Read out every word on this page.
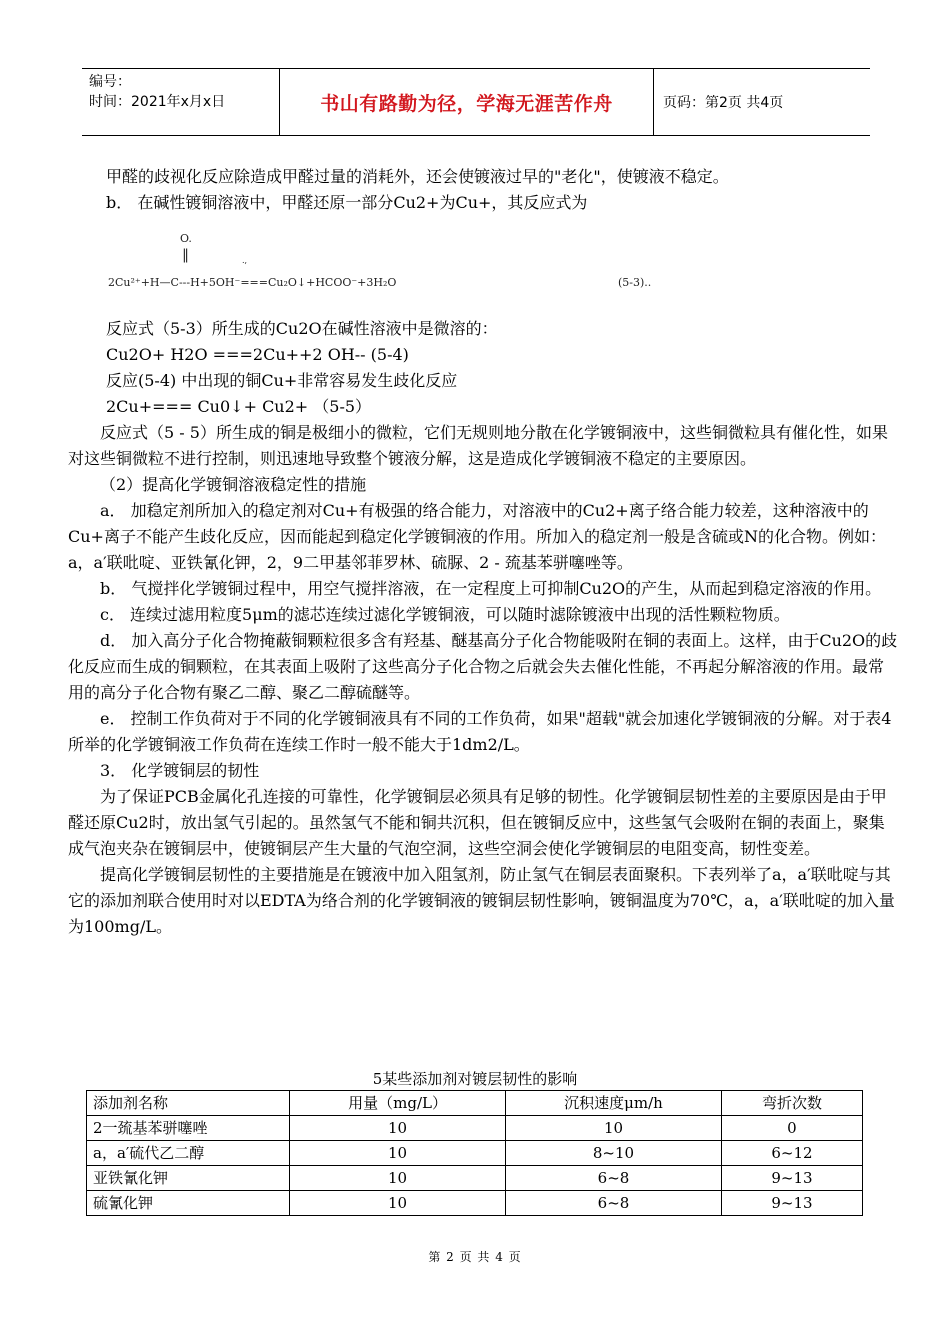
编号：
时间：2021年x月x日	书山有路勤为径，学海无涯苦作舟	页码：第2页 共4页

甲醛的歧视化反应除造成甲醛过量的消耗外，还会使镀液过早的"老化"，使镀液不稳定。

b． 在碱性镀铜溶液中，甲醛还原一部分Cu2+为Cu+，其反应式为

O.
‖	.,
2Cu²⁺+H—C---H+5OH⁻===Cu₂O↓+HCOO⁻+3H₂O	(5-3)..

反应式（5-3）所生成的Cu2O在碱性溶液中是微溶的：

Cu2O+ H2O ===2Cu++2 OH-- (5-4)

反应(5-4) 中出现的铜Cu+非常容易发生歧化反应

2Cu+=== Cu0↓+ Cu2+ （5-5）

反应式（5 - 5）所生成的铜是极细小的微粒，它们无规则地分散在化学镀铜液中，这些铜微粒具有催化性，如果对这些铜微粒不进行控制，则迅速地导致整个镀液分解，这是造成化学镀铜液不稳定的主要原因。

（2）提高化学镀铜溶液稳定性的措施

a． 加稳定剂所加入的稳定剂对Cu+有极强的络合能力，对溶液中的Cu2+离子络合能力较差，这种溶液中的Cu+离子不能产生歧化反应，因而能起到稳定化学镀铜液的作用。所加入的稳定剂一般是含硫或N的化合物。例如：a，a′联吡啶、亚铁氰化钾，2，9二甲基邻菲罗林、硫脲、2 - 巯基苯骈噻唑等。

b． 气搅拌化学镀铜过程中，用空气搅拌溶液，在一定程度上可抑制Cu2O的产生，从而起到稳定溶液的作用。

c． 连续过滤用粒度5μm的滤芯连续过滤化学镀铜液，可以随时滤除镀液中出现的活性颗粒物质。

d． 加入高分子化合物掩蔽铜颗粒很多含有羟基、醚基高分子化合物能吸附在铜的表面上。这样，由于Cu2O的歧化反应而生成的铜颗粒，在其表面上吸附了这些高分子化合物之后就会失去催化性能，不再起分解溶液的作用。最常用的高分子化合物有聚乙二醇、聚乙二醇硫醚等。

e． 控制工作负荷对于不同的化学镀铜液具有不同的工作负荷，如果"超载"就会加速化学镀铜液的分解。对于表4所举的化学镀铜液工作负荷在连续工作时一般不能大于1dm2/L。

3． 化学镀铜层的韧性

为了保证PCB金属化孔连接的可靠性，化学镀铜层必须具有足够的韧性。化学镀铜层韧性差的主要原因是由于甲醛还原Cu2时，放出氢气引起的。虽然氢气不能和铜共沉积，但在镀铜反应中，这些氢气会吸附在铜的表面上，聚集成气泡夹杂在镀铜层中，使镀铜层产生大量的气泡空洞，这些空洞会使化学镀铜层的电阻变高，韧性变差。

提高化学镀铜层韧性的主要措施是在镀液中加入阻氢剂，防止氢气在铜层表面聚积。下表列举了a，a′联吡啶与其它的添加剂联合使用时对以EDTA为络合剂的化学镀铜液的镀铜层韧性影响，镀铜温度为70℃，a，a′联吡啶的加入量为100mg/L。

5某些添加剂对镀层韧性的影响
添加剂名称	用量（mg/L）	沉积速度μm/h	弯折次数
2一巯基苯骈噻唑	10	10	0
a，a′硫代乙二醇	10	8~10	6~12
亚铁氰化钾	10	6~8	9~13
硫氰化钾	10	6~8	9~13
第 2 页 共 4 页
